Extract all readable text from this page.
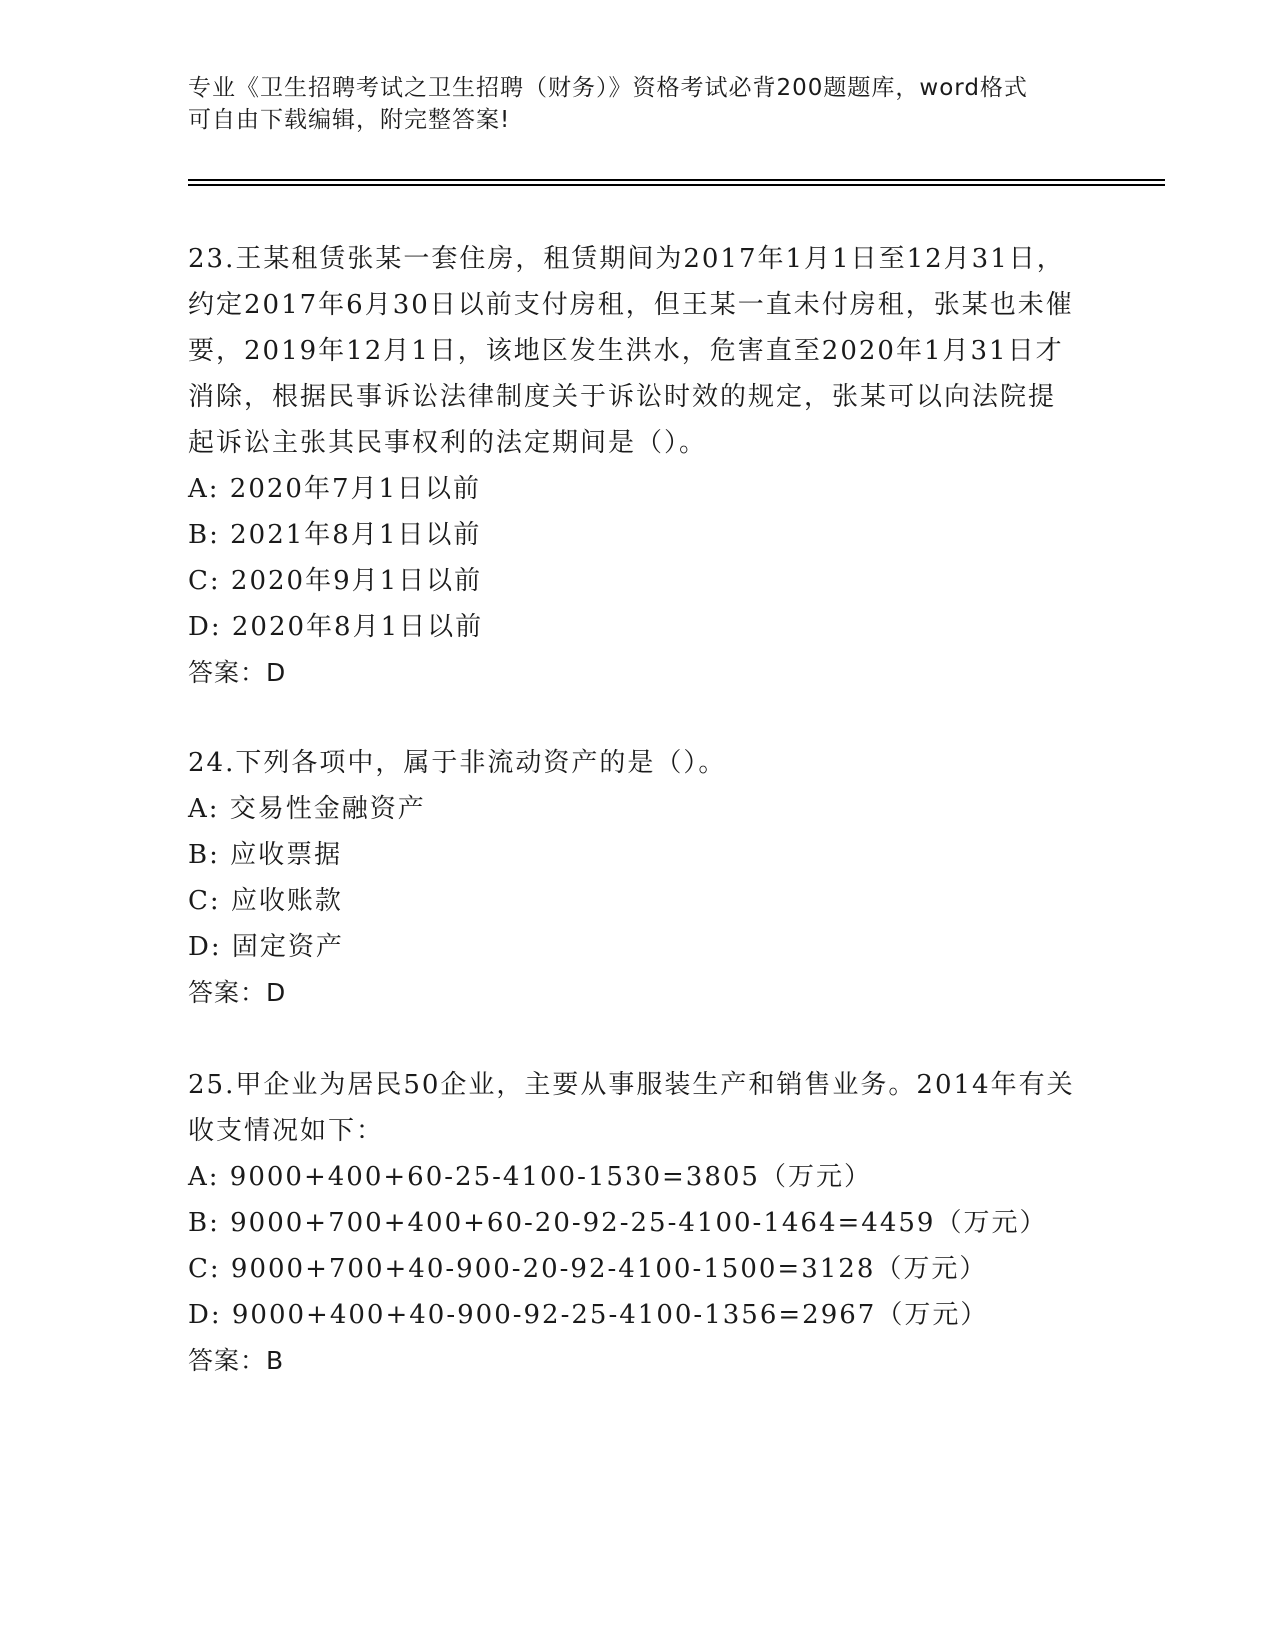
专业《卫生招聘考试之卫生招聘（财务）》资格考试必背200题题库，word格式
可自由下载编辑，附完整答案!
23.王某租赁张某一套住房，租赁期间为2017年1月1日至12月31日，约定2017年6月30日以前支付房租，但王某一直未付房租，张某也未催要，2019年12月1日，该地区发生洪水，危害直至2020年1月31日才消除，根据民事诉讼法律制度关于诉讼时效的规定，张某可以向法院提起诉讼主张其民事权利的法定期间是（）。
A: 2020年7月1日以前
B: 2021年8月1日以前
C: 2020年9月1日以前
D: 2020年8月1日以前
答案：D
24.下列各项中，属于非流动资产的是（）。
A: 交易性金融资产
B: 应收票据
C: 应收账款
D: 固定资产
答案：D
25.甲企业为居民50企业，主要从事服装生产和销售业务。2014年有关收支情况如下：
A: 9000+400+60-25-4100-1530=3805（万元）
B: 9000+700+400+60-20-92-25-4100-1464=4459（万元）
C: 9000+700+40-900-20-92-4100-1500=3128（万元）
D: 9000+400+40-900-92-25-4100-1356=2967（万元）
答案：B
